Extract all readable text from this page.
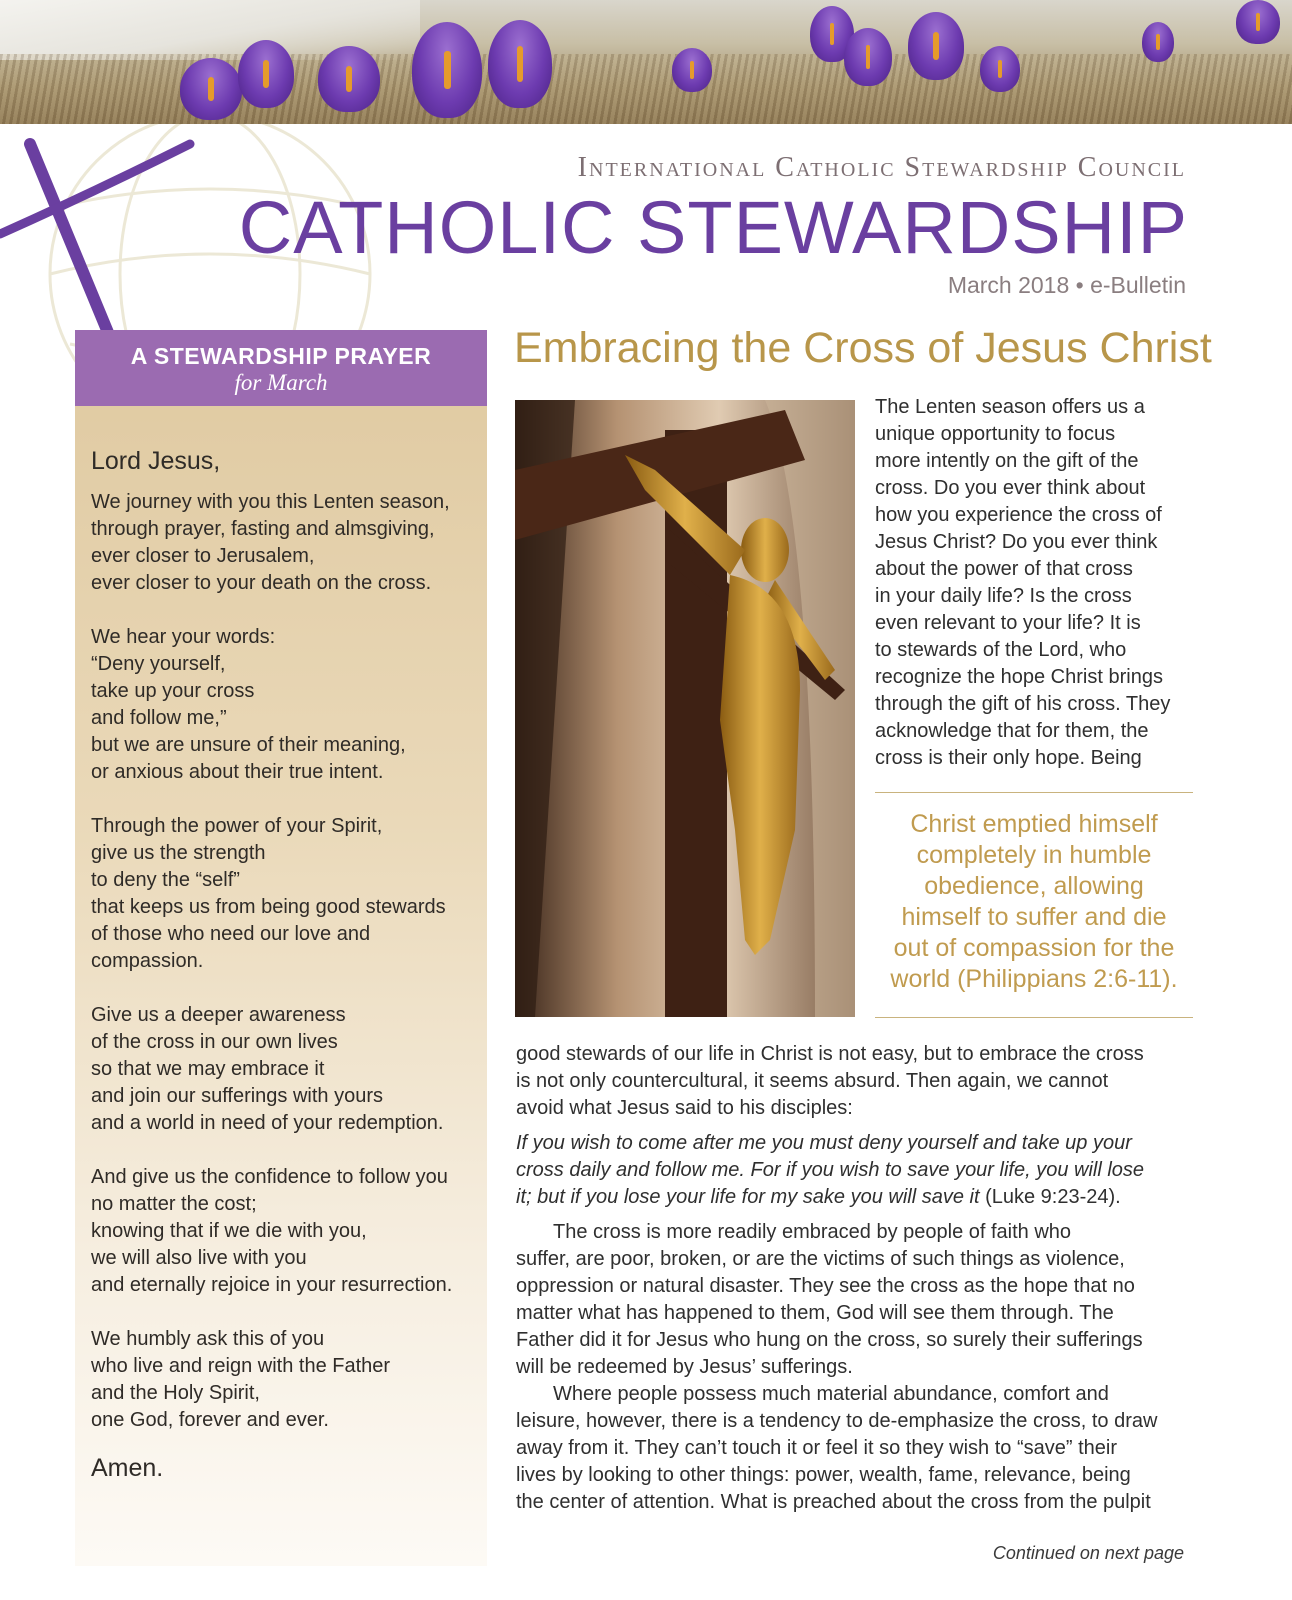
International Catholic Stewardship Council
CATHOLIC STEWARDSHIP
March 2018 • e-Bulletin
A STEWARDSHIP PRAYER
for March
Lord Jesus,
We journey with you this Lenten season,
through prayer, fasting and almsgiving,
ever closer to Jerusalem,
ever closer to your death on the cross.
We hear your words:
“Deny yourself,
take up your cross
and follow me,”
but we are unsure of their meaning,
or anxious about their true intent.
Through the power of your Spirit,
give us the strength
to deny the “self”
that keeps us from being good stewards
of those who need our love and
compassion.
Give us a deeper awareness
of the cross in our own lives
so that we may embrace it
and join our sufferings with yours
and a world in need of your redemption.
And give us the confidence to follow you
no matter the cost;
knowing that if we die with you,
we will also live with you
and eternally rejoice in your resurrection.
We humbly ask this of you
who live and reign with the Father
and the Holy Spirit,
one God, forever and ever.
Amen.
Embracing the Cross of Jesus Christ
The Lenten season offers us a
unique opportunity to focus
more intently on the gift of the
cross. Do you ever think about
how you experience the cross of
Jesus Christ? Do you ever think
about the power of that cross
in your daily life? Is the cross
even relevant to your life? It is
to stewards of the Lord, who
recognize the hope Christ brings
through the gift of his cross. They
acknowledge that for them, the
cross is their only hope. Being
Christ emptied himself
completely in humble
obedience, allowing
himself to suffer and die
out of compassion for the
world (Philippians 2:6-11).
good stewards of our life in Christ is not easy, but to embrace the cross
is not only countercultural, it seems absurd. Then again, we cannot
avoid what Jesus said to his disciples:
If you wish to come after me you must deny yourself and take up your
cross daily and follow me. For if you wish to save your life, you will lose
it; but if you lose your life for my sake you will save it (Luke 9:23-24).
The cross is more readily embraced by people of faith who
suffer, are poor, broken, or are the victims of such things as violence,
oppression or natural disaster. They see the cross as the hope that no
matter what has happened to them, God will see them through. The
Father did it for Jesus who hung on the cross, so surely their sufferings
will be redeemed by Jesus’ sufferings.
Where people possess much material abundance, comfort and
leisure, however, there is a tendency to de-emphasize the cross, to draw
away from it. They can’t touch it or feel it so they wish to “save” their
lives by looking to other things: power, wealth, fame, relevance, being
the center of attention. What is preached about the cross from the pulpit
Continued on next page
